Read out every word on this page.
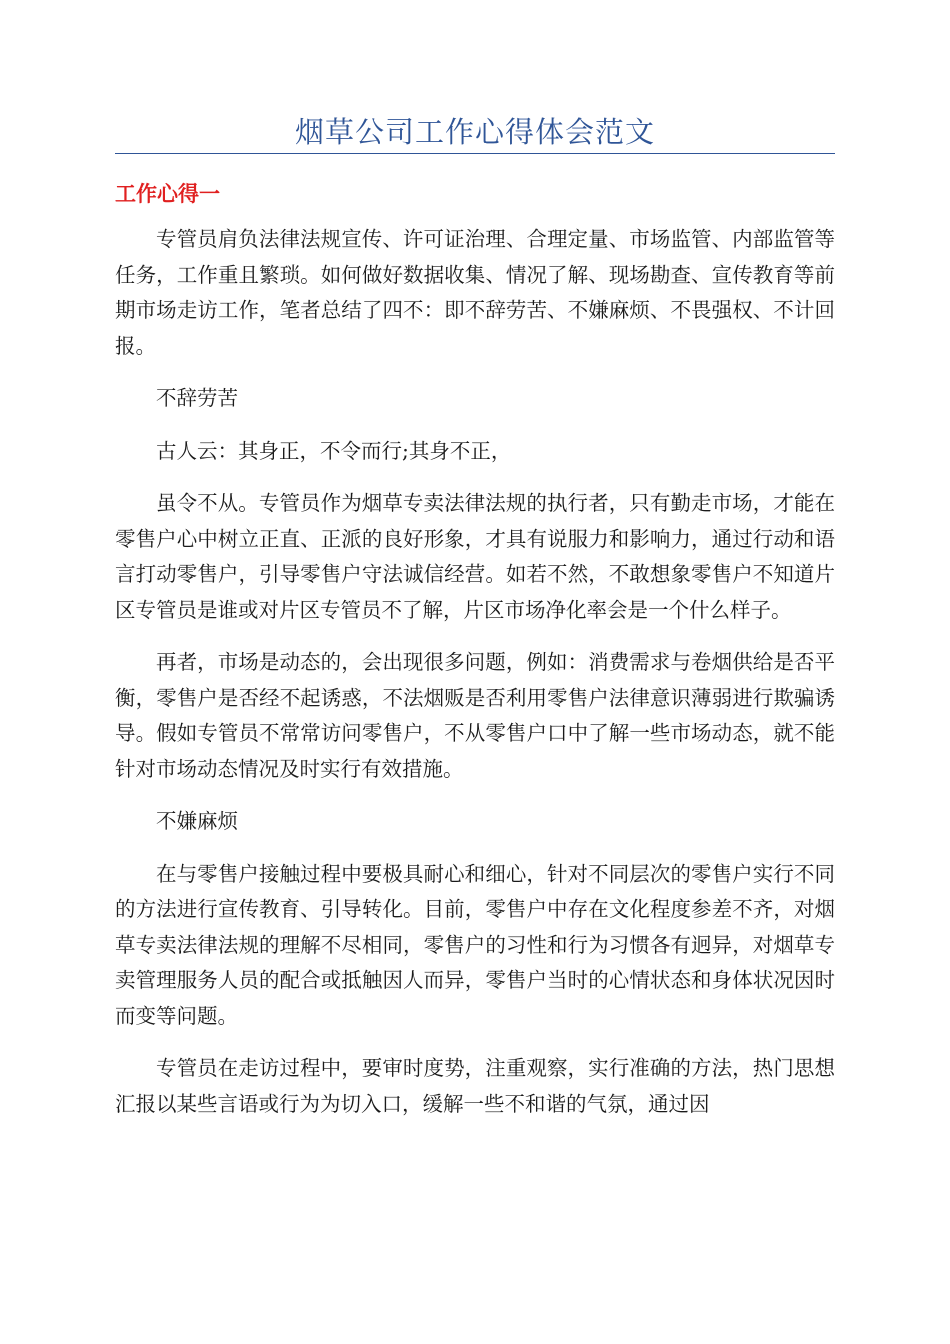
烟草公司工作心得体会范文
工作心得一

专管员肩负法律法规宣传、许可证治理、合理定量、市场监管、内部监管等任务，工作重且繁琐。如何做好数据收集、情况了解、现场勘查、宣传教育等前期市场走访工作，笔者总结了四不：即不辞劳苦、不嫌麻烦、不畏强权、不计回报。

不辞劳苦

古人云：其身正，不令而行;其身不正，

虽令不从。专管员作为烟草专卖法律法规的执行者，只有勤走市场，才能在零售户心中树立正直、正派的良好形象，才具有说服力和影响力，通过行动和语言打动零售户，引导零售户守法诚信经营。如若不然，不敢想象零售户不知道片区专管员是谁或对片区专管员不了解，片区市场净化率会是一个什么样子。

再者，市场是动态的，会出现很多问题，例如：消费需求与卷烟供给是否平衡，零售户是否经不起诱惑，不法烟贩是否利用零售户法律意识薄弱进行欺骗诱导。假如专管员不常常访问零售户，不从零售户口中了解一些市场动态，就不能针对市场动态情况及时实行有效措施。

不嫌麻烦

在与零售户接触过程中要极具耐心和细心，针对不同层次的零售户实行不同的方法进行宣传教育、引导转化。目前，零售户中存在文化程度参差不齐，对烟草专卖法律法规的理解不尽相同，零售户的习性和行为习惯各有迥异，对烟草专卖管理服务人员的配合或抵触因人而异，零售户当时的心情状态和身体状况因时而变等问题。

专管员在走访过程中，要审时度势，注重观察，实行准确的方法，热门思想汇报以某些言语或行为为切入口，缓解一些不和谐的气氛，通过因
